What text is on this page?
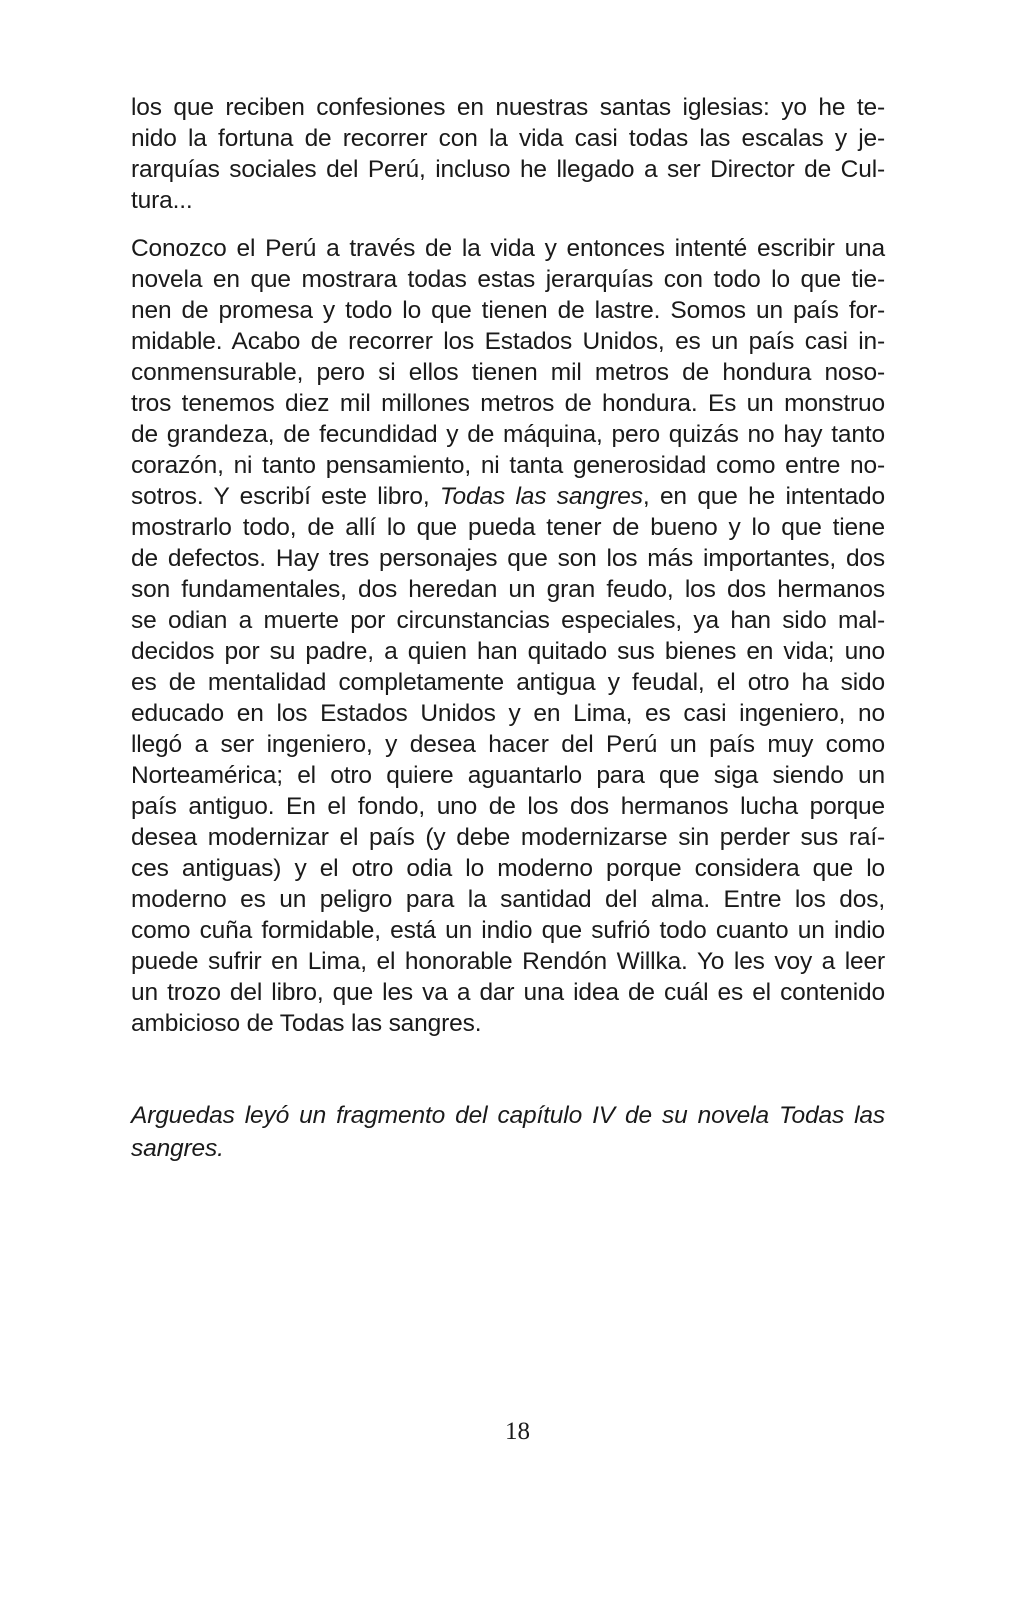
los que reciben confesiones en nuestras santas iglesias: yo he te-
nido la fortuna de recorrer con la vida casi todas las escalas y je-
rarquías sociales del Perú, incluso he llegado a ser Director de Cul-
tura...

Conozco el Perú a través de la vida y entonces intenté escribir una
novela en que mostrara todas estas jerarquías con todo lo que tie-
nen de promesa y todo lo que tienen de lastre. Somos un país for-
midable. Acabo de recorrer los Estados Unidos, es un país casi in-
conmensurable, pero si ellos tienen mil metros de hondura noso-
tros tenemos diez mil millones metros de hondura. Es un monstruo
de grandeza, de fecundidad y de máquina, pero quizás no hay tanto
corazón, ni tanto pensamiento, ni tanta generosidad como entre no-
sotros. Y escribí este libro, Todas las sangres, en que he intentado
mostrarlo todo, de allí lo que pueda tener de bueno y lo que tiene
de defectos. Hay tres personajes que son los más importantes, dos
son fundamentales, dos heredan un gran feudo, los dos hermanos
se odian a muerte por circunstancias especiales, ya han sido mal-
decidos por su padre, a quien han quitado sus bienes en vida; uno
es de mentalidad completamente antigua y feudal, el otro ha sido
educado en los Estados Unidos y en Lima, es casi ingeniero, no
llegó a ser ingeniero, y desea hacer del Perú un país muy como
Norteamérica; el otro quiere aguantarlo para que siga siendo un
país antiguo. En el fondo, uno de los dos hermanos lucha porque
desea modernizar el país (y debe modernizarse sin perder sus raí-
ces antiguas) y el otro odia lo moderno porque considera que lo
moderno es un peligro para la santidad del alma. Entre los dos,
como cuña formidable, está un indio que sufrió todo cuanto un indio
puede sufrir en Lima, el honorable Rendón Willka. Yo les voy a leer
un trozo del libro, que les va a dar una idea de cuál es el contenido
ambicioso de Todas las sangres.

Arguedas leyó un fragmento del capítulo IV de su novela Todas las
sangres.
18
